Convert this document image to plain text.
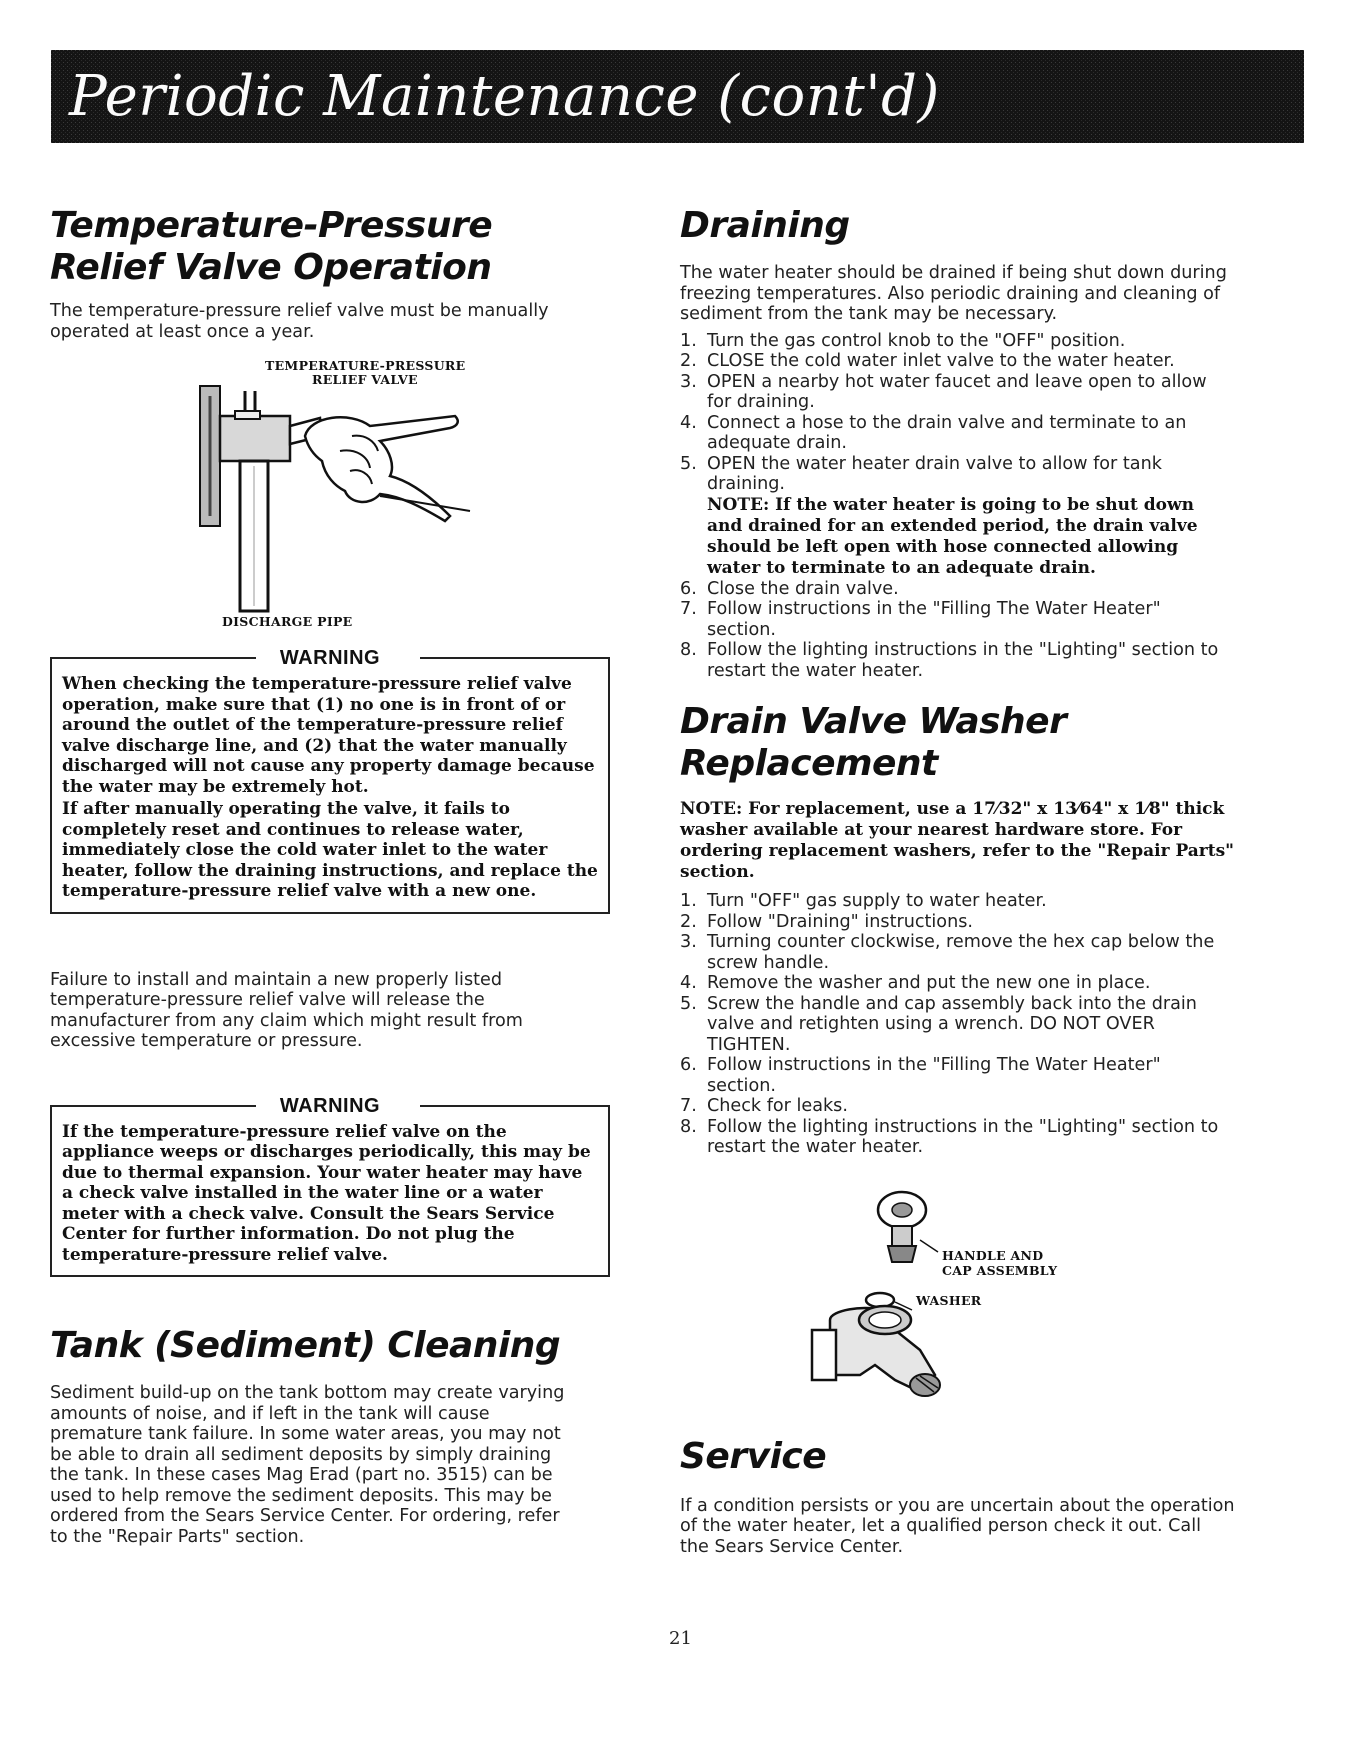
Periodic Maintenance (cont'd)
Temperature-Pressure Relief Valve Operation

The temperature-pressure relief valve must be manually operated at least once a year.

TEMPERATURE-PRESSURE
RELIEF VALVE
DISCHARGE PIPE
WARNING

When checking the temperature-pressure relief valve operation, make sure that (1) no one is in front of or around the outlet of the temperature-pressure relief valve discharge line, and (2) that the water manually discharged will not cause any property damage because the water may be extremely hot.

If after manually operating the valve, it fails to completely reset and continues to release water, immediately close the cold water inlet to the water heater, follow the draining instructions, and replace the temperature-pressure relief valve with a new one.

Failure to install and maintain a new properly listed temperature-pressure relief valve will release the manufacturer from any claim which might result from excessive temperature or pressure.

WARNING

If the temperature-pressure relief valve on the appliance weeps or discharges periodically, this may be due to thermal expansion. Your water heater may have a check valve installed in the water line or a water meter with a check valve. Consult the Sears Service Center for further information. Do not plug the temperature-pressure relief valve.

Tank (Sediment) Cleaning

Sediment build-up on the tank bottom may create varying amounts of noise, and if left in the tank will cause premature tank failure. In some water areas, you may not be able to drain all sediment deposits by simply draining the tank. In these cases Mag Erad (part no. 3515) can be used to help remove the sediment deposits. This may be ordered from the Sears Service Center. For ordering, refer to the "Repair Parts" section.

Draining

The water heater should be drained if being shut down during freezing temperatures. Also periodic draining and cleaning of sediment from the tank may be necessary.

1. Turn the gas control knob to the "OFF" position.
2. CLOSE the cold water inlet valve to the water heater.
3. OPEN a nearby hot water faucet and leave open to allow for draining.
4. Connect a hose to the drain valve and terminate to an adequate drain.
5. OPEN the water heater drain valve to allow for tank draining.
NOTE: If the water heater is going to be shut down and drained for an extended period, the drain valve should be left open with hose connected allowing water to terminate to an adequate drain.
6. Close the drain valve.
7. Follow instructions in the "Filling The Water Heater" section.
8. Follow the lighting instructions in the "Lighting" section to restart the water heater.
Drain Valve Washer
Replacement

NOTE: For replacement, use a 17⁄32" x 13⁄64" x 1⁄8" thick washer available at your nearest hardware store. For ordering replacement washers, refer to the "Repair Parts" section.

1. Turn "OFF" gas supply to water heater.
2. Follow "Draining" instructions.
3. Turning counter clockwise, remove the hex cap below the screw handle.
4. Remove the washer and put the new one in place.
5. Screw the handle and cap assembly back into the drain valve and retighten using a wrench. DO NOT OVER TIGHTEN.
6. Follow instructions in the "Filling The Water Heater" section.
7. Check for leaks.
8. Follow the lighting instructions in the "Lighting" section to restart the water heater.
HANDLE AND
CAP ASSEMBLY
WASHER
Service

If a condition persists or you are uncertain about the operation of the water heater, let a qualified person check it out. Call the Sears Service Center.

21
